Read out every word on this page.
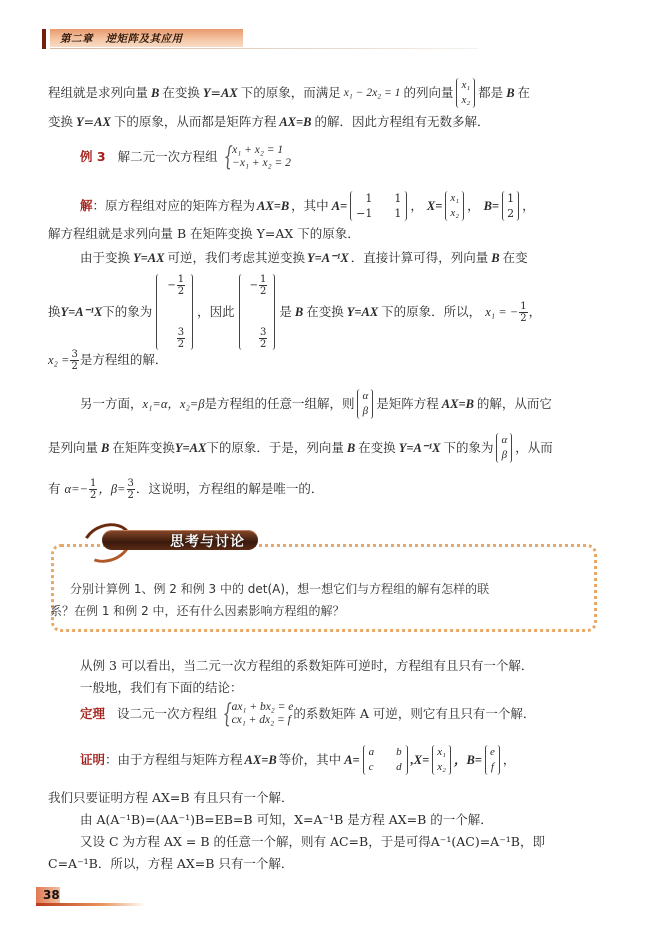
第二章 逆矩阵及其应用
程组就是求列向量 B 在变换 Y = AX 下的原象，而满足 x₁ − 2x₂ = 1 的列向量 x₁
x₂ 都是 B 在
变换 Y = AX 下的原象，从而都是矩阵方程 AX=B 的解．因此方程组有无数多解．
例 3 解二元一次方程组 { x₁ + x₂ = 1
−x₁ + x₂ = 2
解 ：原方程组对应的矩阵方程为 AX=B ，其中 A=
1 1
−1 1
， X=
x₁
x₂ ， B=
1
2
，
解方程组就是求列向量 B 在矩阵变换 Y=AX 下的原象．
由于变换 Y=AX 可逆，我们考虑其逆变换 Y=A⁻¹X ．直接计算可得，列向量 B 在变
换 Y=A⁻¹X 下的象为
− $\frac{1}{2}$
$\frac{3}{2}$
，因此
− $\frac{1}{2}$
$\frac{3}{2}$
是 B 在变换 Y=AX 下的原象．所以， x₁ = − $\frac{1}{2}$ ，
$x_2 = \frac{3}{2}$ 是方程组的解．
另一方面， x₁=α，x₂=β 是方程组的任意一组解，则 α
β 是矩阵方程 AX=B 的解，从而它
是列向量 B 在矩阵变换 Y=AX 下的原象．于是，列向量 B 在变换 Y=A⁻¹X 下的象为 α
β ，从而
有 $\alpha=- \frac{1}{2}$ ，$\beta= \frac{3}{2}$ ．这说明，方程组的解是唯一的．
思考与讨论
分别计算例 1、例 2 和例 3 中的 det(A)，想一想它们与方程组的解有怎样的联
系？在例 1 和例 2 中，还有什么因素影响方程组的解？
从例 3 可以看出，当二元一次方程组的系数矩阵可逆时，方程组有且只有一个解．
一般地，我们有下面的结论：
定理 设二元一次方程组 { ax₁ + bx₂ = e
cx₁ + dx₂ = f 的系数矩阵 A 可逆，则它有且只有一个解．
证明 ：由于方程组与矩阵方程 AX=B 等价，其中 A=
a b
c d ,X=
x₁
x₂ ，B=
e
f ，
我们只要证明方程 AX=B 有且只有一个解．
由 A(A⁻¹B)=(AA⁻¹)B=EB=B 可知，X=A⁻¹B 是方程 AX=B 的一个解．
又设 C 为方程 AX = B 的任意一个解，则有 AC=B，于是可得A⁻¹(AC)=A⁻¹B，即
C=A⁻¹B．所以，方程 AX=B 只有一个解．
38
